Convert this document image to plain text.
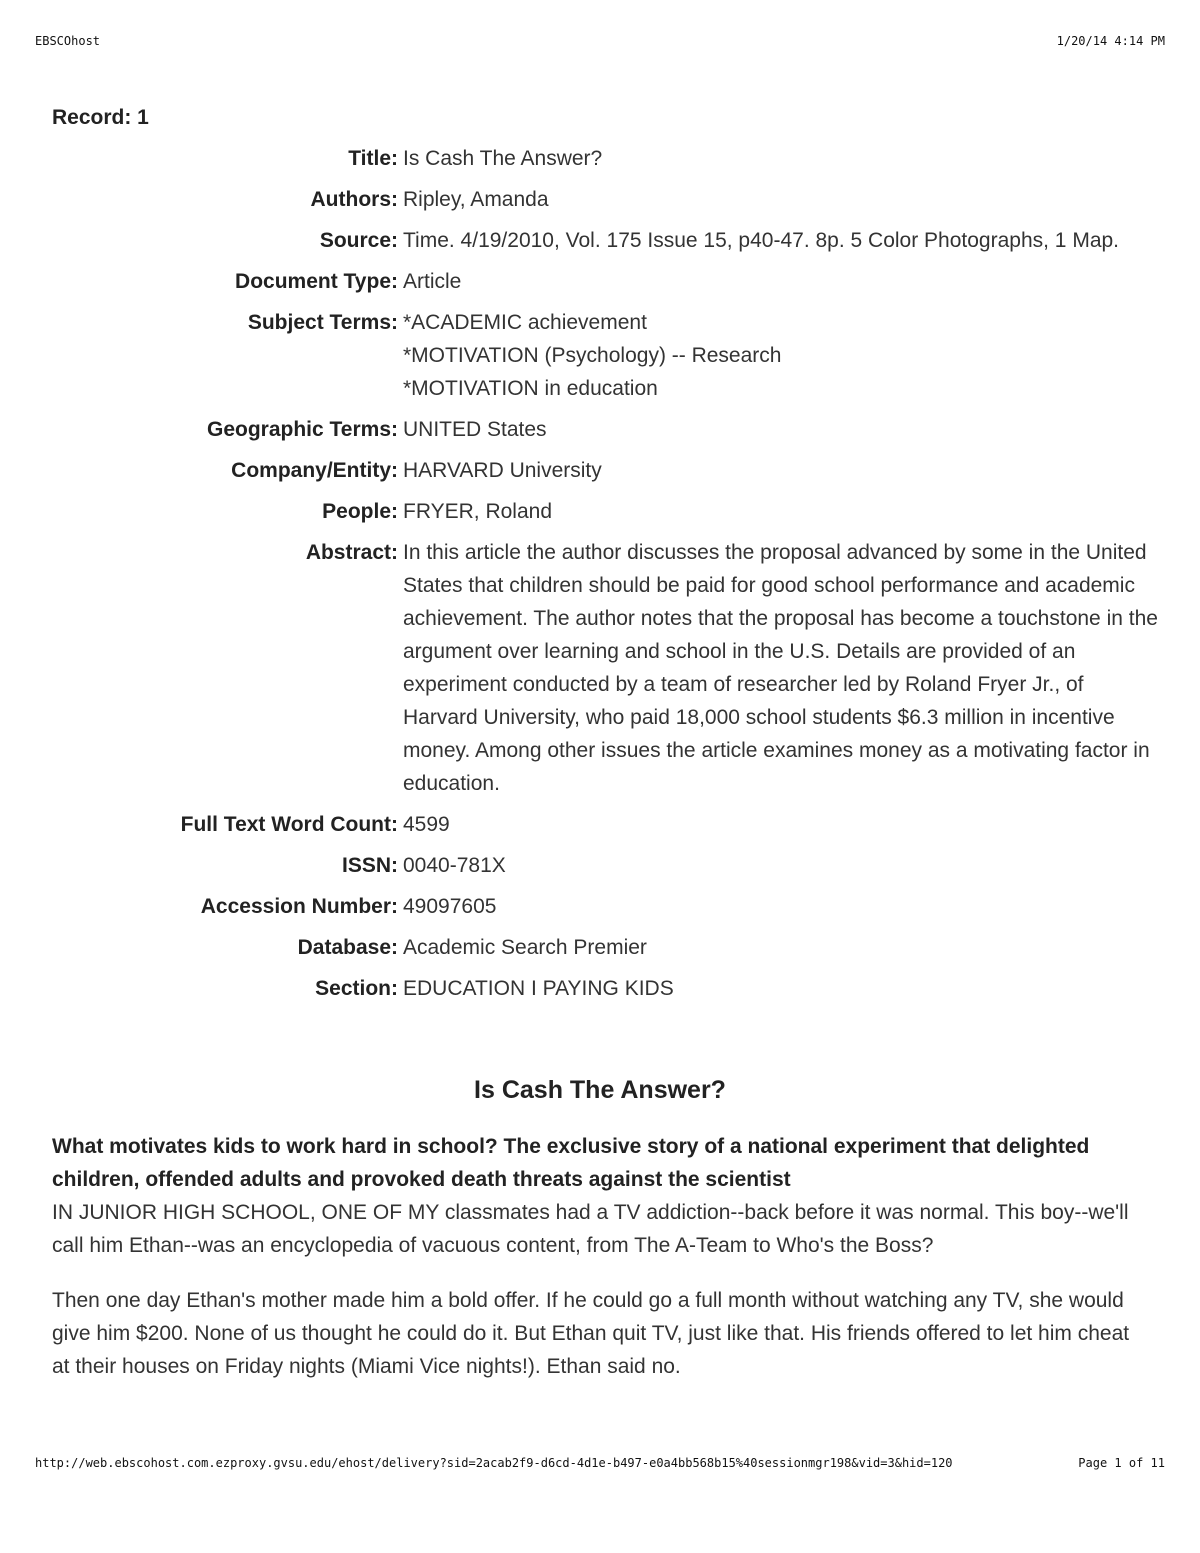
EBSCOhost	1/20/14 4:14 PM
Record: 1
Title: Is Cash The Answer?
Authors: Ripley, Amanda
Source: Time. 4/19/2010, Vol. 175 Issue 15, p40-47. 8p. 5 Color Photographs, 1 Map.
Document Type: Article
Subject Terms: *ACADEMIC achievement
*MOTIVATION (Psychology) -- Research
*MOTIVATION in education
Geographic Terms: UNITED States
Company/Entity: HARVARD University
People: FRYER, Roland
Abstract: In this article the author discusses the proposal advanced by some in the United States that children should be paid for good school performance and academic achievement. The author notes that the proposal has become a touchstone in the argument over learning and school in the U.S. Details are provided of an experiment conducted by a team of researcher led by Roland Fryer Jr., of Harvard University, who paid 18,000 school students $6.3 million in incentive money. Among other issues the article examines money as a motivating factor in education.
Full Text Word Count: 4599
ISSN: 0040-781X
Accession Number: 49097605
Database: Academic Search Premier
Section: EDUCATION I PAYING KIDS
Is Cash The Answer?
What motivates kids to work hard in school? The exclusive story of a national experiment that delighted children, offended adults and provoked death threats against the scientist

IN JUNIOR HIGH SCHOOL, ONE OF MY classmates had a TV addiction--back before it was normal. This boy--we'll call him Ethan--was an encyclopedia of vacuous content, from The A-Team to Who's the Boss?

Then one day Ethan's mother made him a bold offer. If he could go a full month without watching any TV, she would give him $200. None of us thought he could do it. But Ethan quit TV, just like that. His friends offered to let him cheat at their houses on Friday nights (Miami Vice nights!). Ethan said no.

http://web.ebscohost.com.ezproxy.gvsu.edu/ehost/delivery?sid=2acab2f9-d6cd-4d1e-b497-e0a4bb568b15%40sessionmgr198&vid=3&hid=120	Page 1 of 11
